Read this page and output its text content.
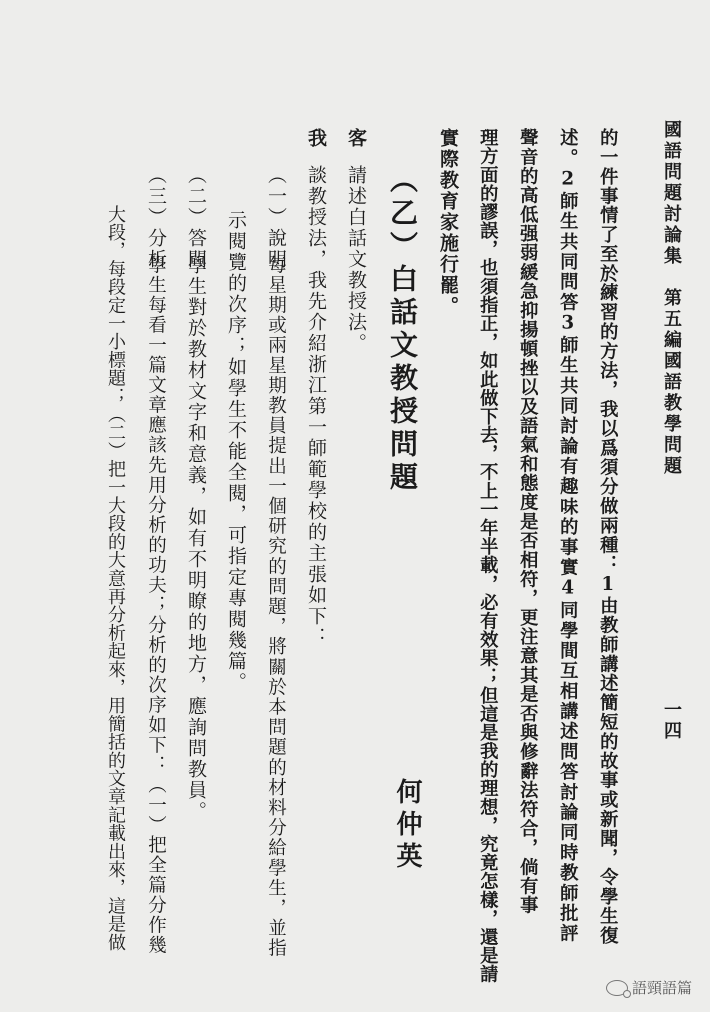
國語問題討論集
第五編國語教學問題
一四
的一件事情了至於練習的方法，我以爲須分做兩種：1由教師講述簡短的故事或新聞，令學生復
述。2師生共同問答3師生共同討論有趣味的事實4同學間互相講述問答討論同時教師批評
聲音的高低强弱緩急抑揚頓挫以及語氣和態度是否相符，更注意其是否與修辭法符合，倘有事
理方面的謬誤，也須指正，如此做下去，不上一年半載，必有效果；但這是我的理想，究竟怎樣，還是請
實際教育家施行罷。
（乙）白話文教授問題
何仲英
客
請述白話文教授法。
我
談教授法，我先介紹浙江第一師範學校的主張如下：
（一）說明
每星期或兩星期教員提出一個研究的問題，將關於本問題的材料分給學生，並指
示閱覽的次序；如學生不能全閱，可指定專閱幾篇。
（二）答問
學生對於教材文字和意義，如有不明瞭的地方，應詢問教員。
（三）分析
學生每看一篇文章應該先用分析的功夫；分析的次序如下：（一）把全篇分作幾
大段，每段定一小標題；（二）把一大段的大意再分析起來，用簡括的文章記載出來，這是做
語頸語篇
